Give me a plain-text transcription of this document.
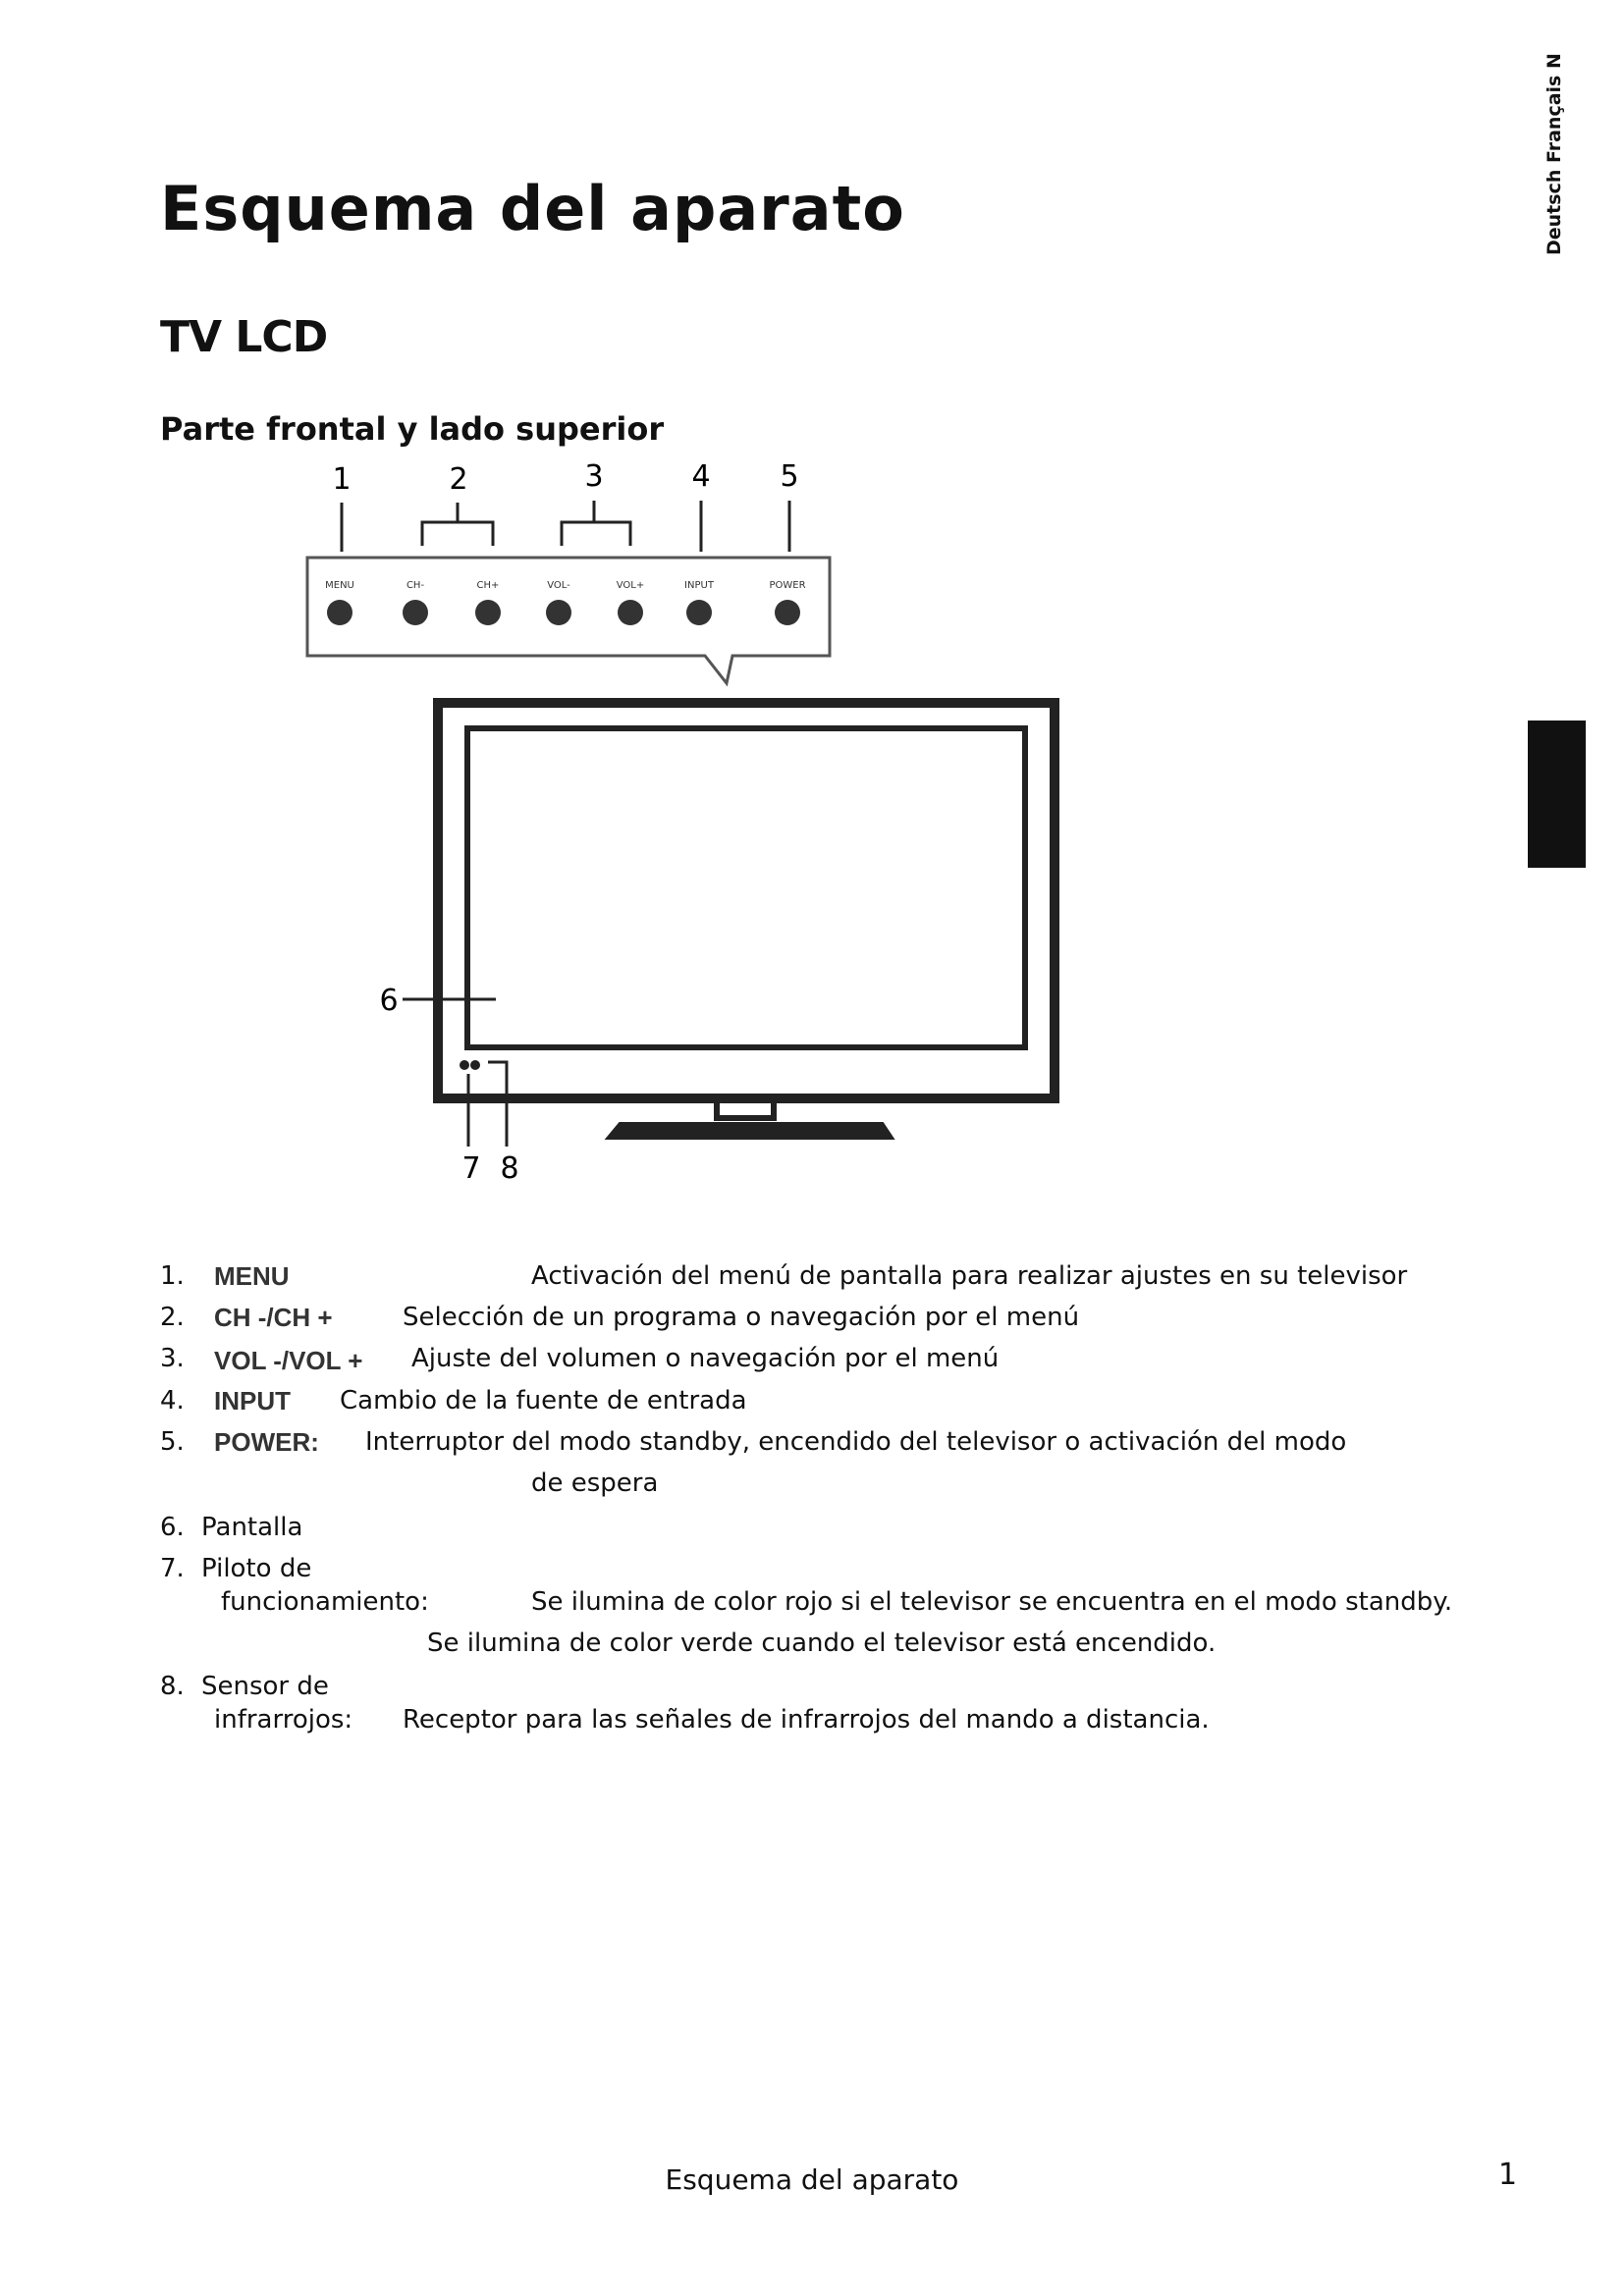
Esquema del aparato
TV LCD
Parte frontal y lado superior
Deutsch Français N
1	2	3	4 5
MENU	CH-	CH+	VOL-	VOL+	INPUT	POWER
6
7 8
1. MENU	Activación del menú de pantalla para realizar ajustes en su televisor
2. CH -/CH +	Selección de un programa o navegación por el menú
3. VOL -/VOL + Ajuste del volumen o navegación por el menú
4. INPUT Cambio de la fuente de entrada
5. POWER: Interruptor del modo standby, encendido del televisor o activación del modo
de espera
6. Pantalla
7. Piloto de
funcionamiento:	Se ilumina de color rojo si el televisor se encuentra en el modo standby.
Se ilumina de color verde cuando el televisor está encendido.
8. Sensor de
infrarrojos: Receptor para las señales de infrarrojos del mando a distancia.
Esquema del aparato	1
